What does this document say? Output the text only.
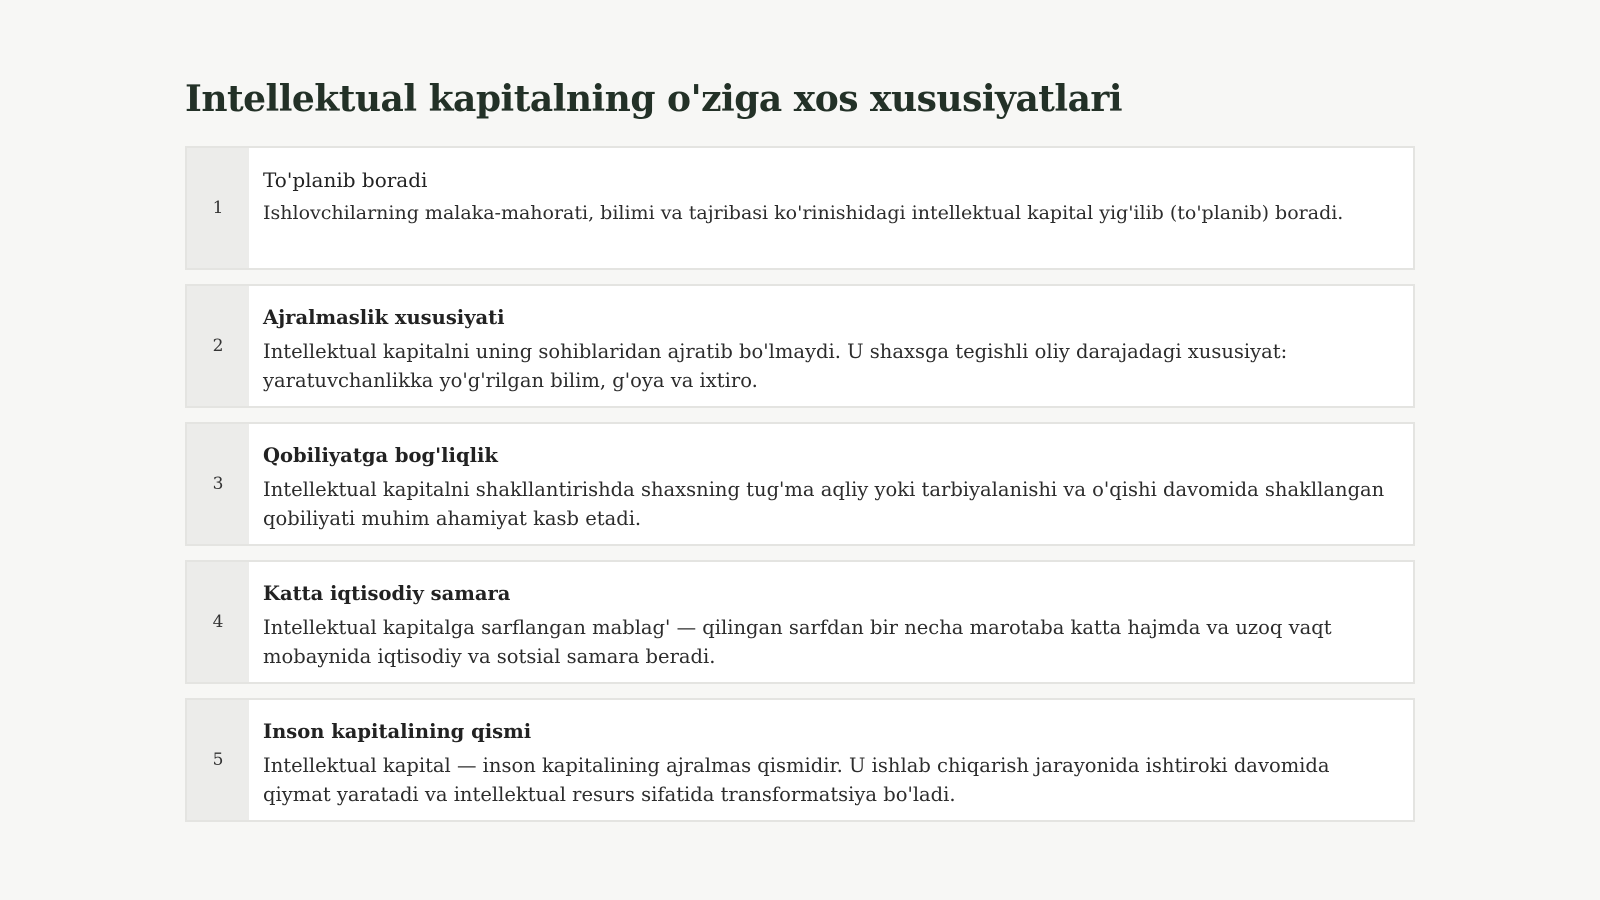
Intellektual kapitalning o'ziga xos xususiyatlari
1
To'planib boradi
Ishlovchilarning malaka-mahorati, bilimi va tajribasi ko'rinishidagi intellektual kapital yig'ilib (to'planib) boradi.
2
Ajralmaslik xususiyati
Intellektual kapitalni uning sohiblaridan ajratib bo'lmaydi. U shaxsga tegishli oliy darajadagi xususiyat: yaratuvchanlikka yo'g'rilgan bilim, g'oya va ixtiro.
3
Qobiliyatga bog'liqlik
Intellektual kapitalni shakllantirishda shaxsning tug'ma aqliy yoki tarbiyalanishi va o'qishi davomida shakllangan qobiliyati muhim ahamiyat kasb etadi.
4
Katta iqtisodiy samara
Intellektual kapitalga sarflangan mablag' — qilingan sarfdan bir necha marotaba katta hajmda va uzoq vaqt mobaynida iqtisodiy va sotsial samara beradi.
5
Inson kapitalining qismi
Intellektual kapital — inson kapitalining ajralmas qismidir. U ishlab chiqarish jarayonida ishtiroki davomida qiymat yaratadi va intellektual resurs sifatida transformatsiya bo'ladi.
